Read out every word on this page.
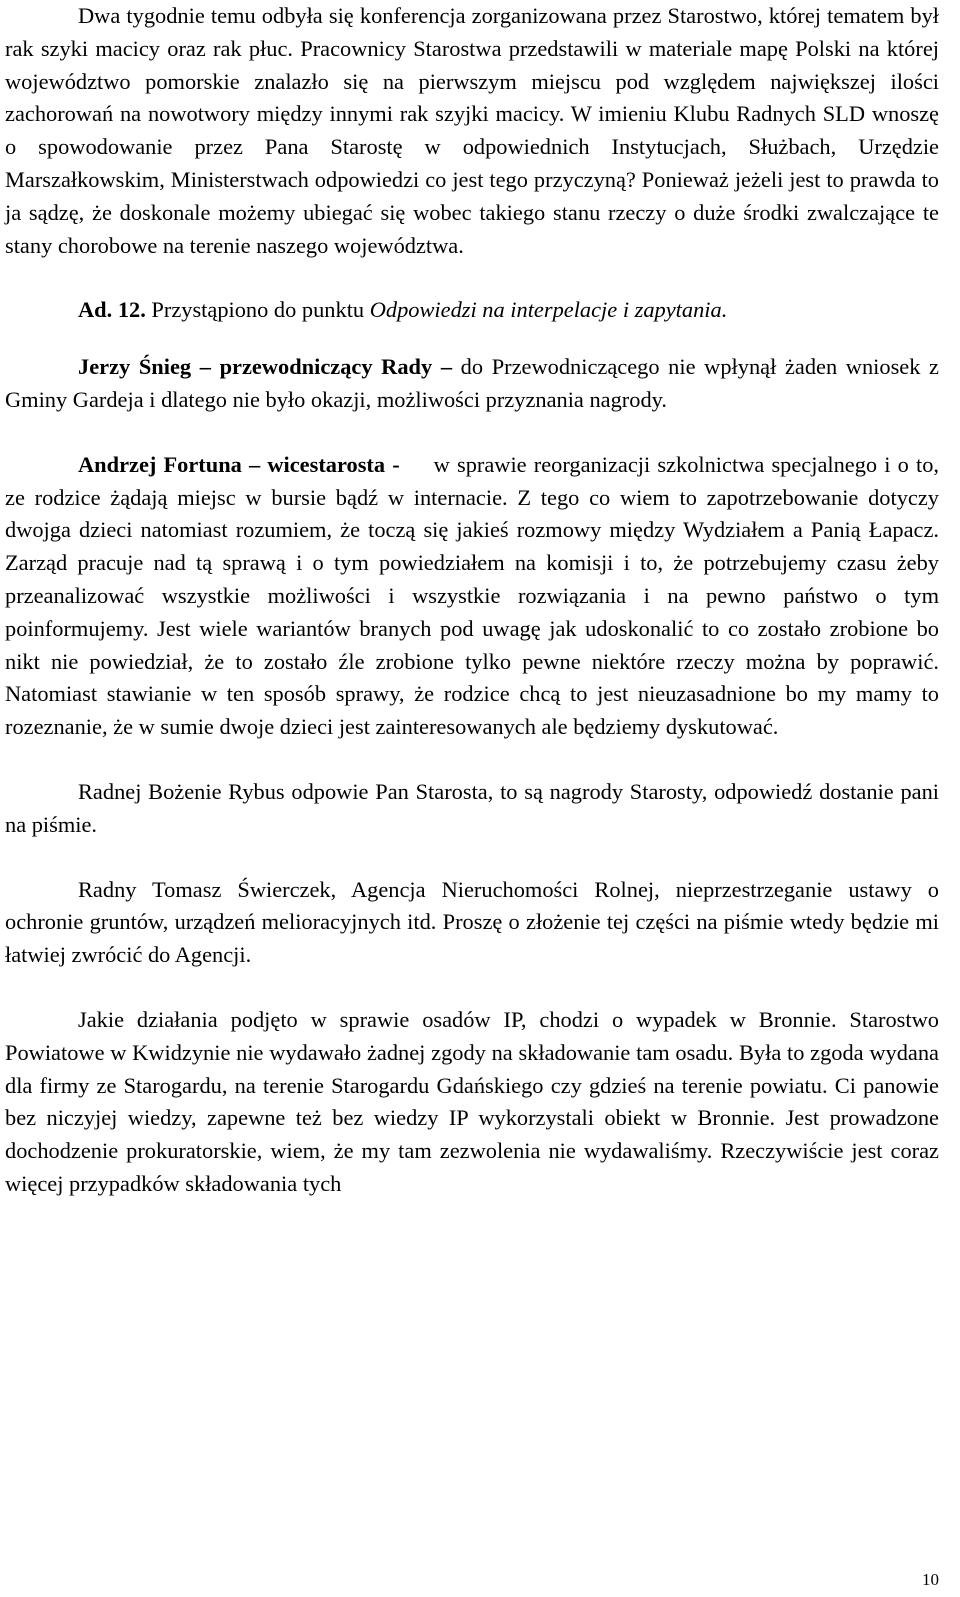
Dwa tygodnie temu odbyła się konferencja zorganizowana przez Starostwo, której tematem był rak szyki macicy oraz rak płuc. Pracownicy Starostwa przedstawili w materiale mapę Polski na której województwo pomorskie znalazło się na pierwszym miejscu pod względem największej ilości zachorowań na nowotwory między innymi rak szyjki macicy. W imieniu Klubu Radnych SLD wnoszę o spowodowanie przez Pana Starostę w odpowiednich Instytucjach, Służbach, Urzędzie Marszałkowskim, Ministerstwach odpowiedzi co jest tego przyczyną? Ponieważ jeżeli jest to prawda to ja sądzę, że doskonale możemy ubiegać się wobec takiego stanu rzeczy o duże środki zwalczające te stany chorobowe na terenie naszego województwa.

Ad. 12. Przystąpiono do punktu Odpowiedzi na interpelacje i zapytania.

Jerzy Śnieg – przewodniczący Rady – do Przewodniczącego nie wpłynął żaden wniosek z Gminy Gardeja i dlatego nie było okazji, możliwości przyznania nagrody.

Andrzej Fortuna – wicestarosta - w sprawie reorganizacji szkolnictwa specjalnego i o to, ze rodzice żądają miejsc w bursie bądź w internacie. Z tego co wiem to zapotrzebowanie dotyczy dwojga dzieci natomiast rozumiem, że toczą się jakieś rozmowy między Wydziałem a Panią Łapacz. Zarząd pracuje nad tą sprawą i o tym powiedziałem na komisji i to, że potrzebujemy czasu żeby przeanalizować wszystkie możliwości i wszystkie rozwiązania i na pewno państwo o tym poinformujemy. Jest wiele wariantów branych pod uwagę jak udoskonalić to co zostało zrobione bo nikt nie powiedział, że to zostało źle zrobione tylko pewne niektóre rzeczy można by poprawić. Natomiast stawianie w ten sposób sprawy, że rodzice chcą to jest nieuzasadnione bo my mamy to rozeznanie, że w sumie dwoje dzieci jest zainteresowanych ale będziemy dyskutować.

Radnej Bożenie Rybus odpowie Pan Starosta, to są nagrody Starosty, odpowiedź dostanie pani na piśmie.

Radny Tomasz Świerczek, Agencja Nieruchomości Rolnej, nieprzestrzeganie ustawy o ochronie gruntów, urządzeń melioracyjnych itd. Proszę o złożenie tej części na piśmie wtedy będzie mi łatwiej zwrócić do Agencji.

Jakie działania podjęto w sprawie osadów IP, chodzi o wypadek w Bronnie. Starostwo Powiatowe w Kwidzynie nie wydawało żadnej zgody na składowanie tam osadu. Była to zgoda wydana dla firmy ze Starogardu, na terenie Starogardu Gdańskiego czy gdzieś na terenie powiatu. Ci panowie bez niczyjej wiedzy, zapewne też bez wiedzy IP wykorzystali obiekt w Bronnie. Jest prowadzone dochodzenie prokuratorskie, wiem, że my tam zezwolenia nie wydawaliśmy. Rzeczywiście jest coraz więcej przypadków składowania tych

10
